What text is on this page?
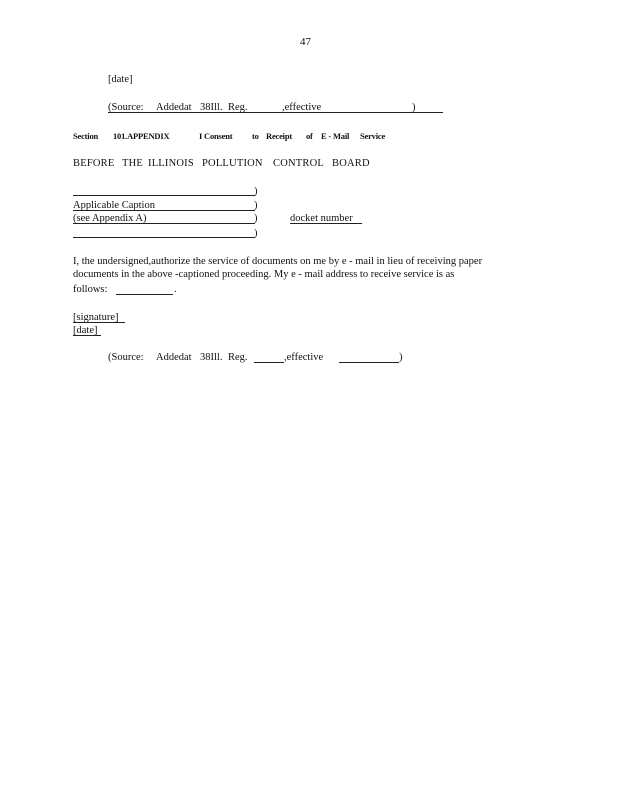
47
[date]
(Source: Addedat 38Ill. Reg.	,effective	)
Section 101.APPENDIX	I Consent to Receipt of E - Mail Service
BEFORE THE ILLINOIS POLLUTION CONTROL BOARD
)
Applicable Caption	)
(see Appendix A)	)	docket number
)
I, the undersigned,authorize the service of documents on me by e - mail in lieu of receiving paper
documents in the above -captioned proceeding. My e - mail address to receive service is as
follows:	.
[signature]
[date]
(Source: Addedat 38Ill. Reg.	,effective	)
